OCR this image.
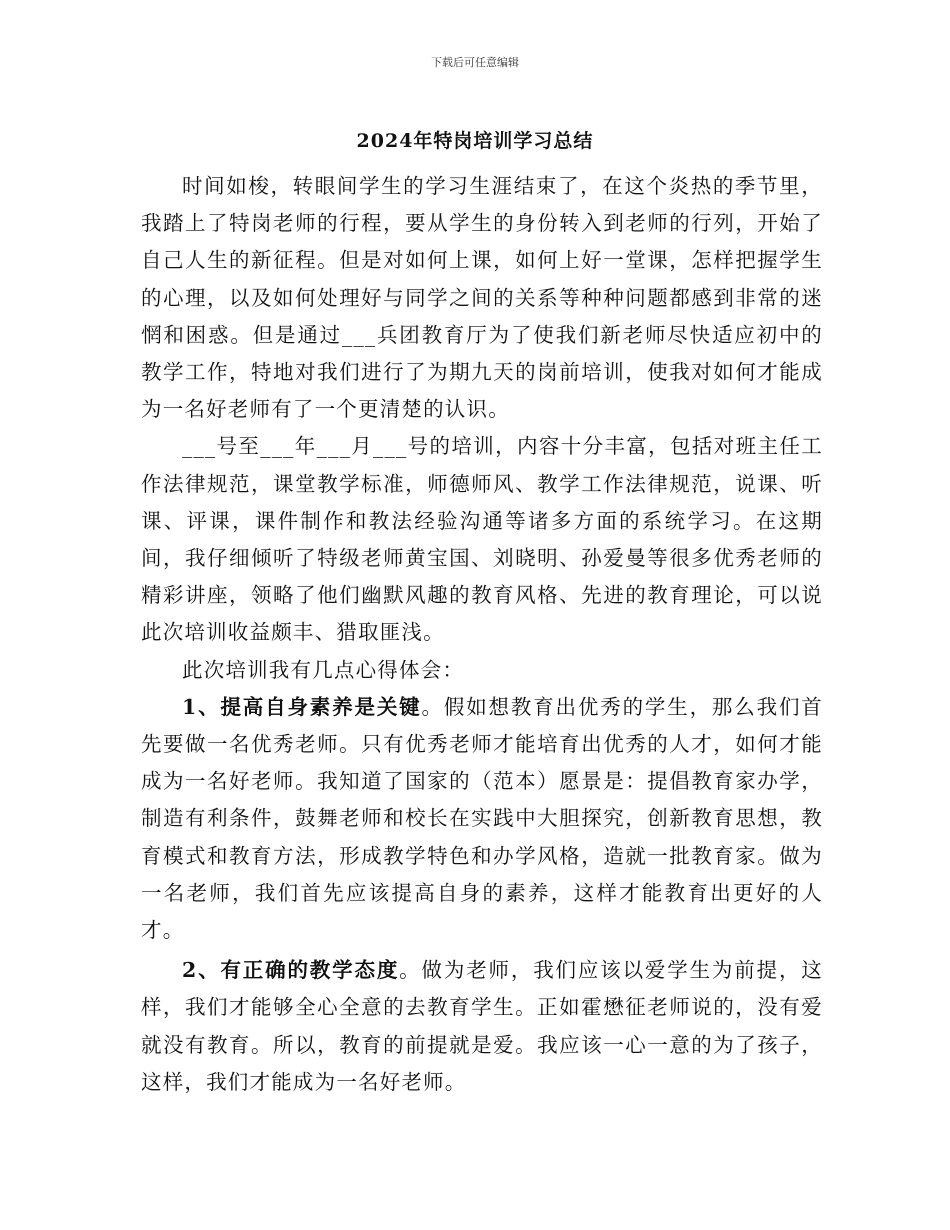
下载后可任意编辑
2024年特岗培训学习总结

时间如梭，转眼间学生的学习生涯结束了，在这个炎热的季节里，我踏上了特岗老师的行程，要从学生的身份转入到老师的行列，开始了自己人生的新征程。但是对如何上课，如何上好一堂课，怎样把握学生的心理，以及如何处理好与同学之间的关系等种种问题都感到非常的迷惘和困惑。但是通过___兵团教育厅为了使我们新老师尽快适应初中的教学工作，特地对我们进行了为期九天的岗前培训，使我对如何才能成为一名好老师有了一个更清楚的认识。

___号至___年___月___号的培训，内容十分丰富，包括对班主任工作法律规范，课堂教学标准，师德师风、教学工作法律规范，说课、听课、评课，课件制作和教法经验沟通等诸多方面的系统学习。在这期间，我仔细倾听了特级老师黄宝国、刘晓明、孙爱曼等很多优秀老师的精彩讲座，领略了他们幽默风趣的教育风格、先进的教育理论，可以说此次培训收益颇丰、猎取匪浅。

此次培训我有几点心得体会：

1、提高自身素养是关键。假如想教育出优秀的学生，那么我们首先要做一名优秀老师。只有优秀老师才能培育出优秀的人才，如何才能成为一名好老师。我知道了国家的（范本）愿景是：提倡教育家办学，制造有利条件，鼓舞老师和校长在实践中大胆探究，创新教育思想，教育模式和教育方法，形成教学特色和办学风格，造就一批教育家。做为一名老师，我们首先应该提高自身的素养，这样才能教育出更好的人才。

2、有正确的教学态度。做为老师，我们应该以爱学生为前提，这样，我们才能够全心全意的去教育学生。正如霍懋征老师说的，没有爱就没有教育。所以，教育的前提就是爱。我应该一心一意的为了孩子，这样，我们才能成为一名好老师。
